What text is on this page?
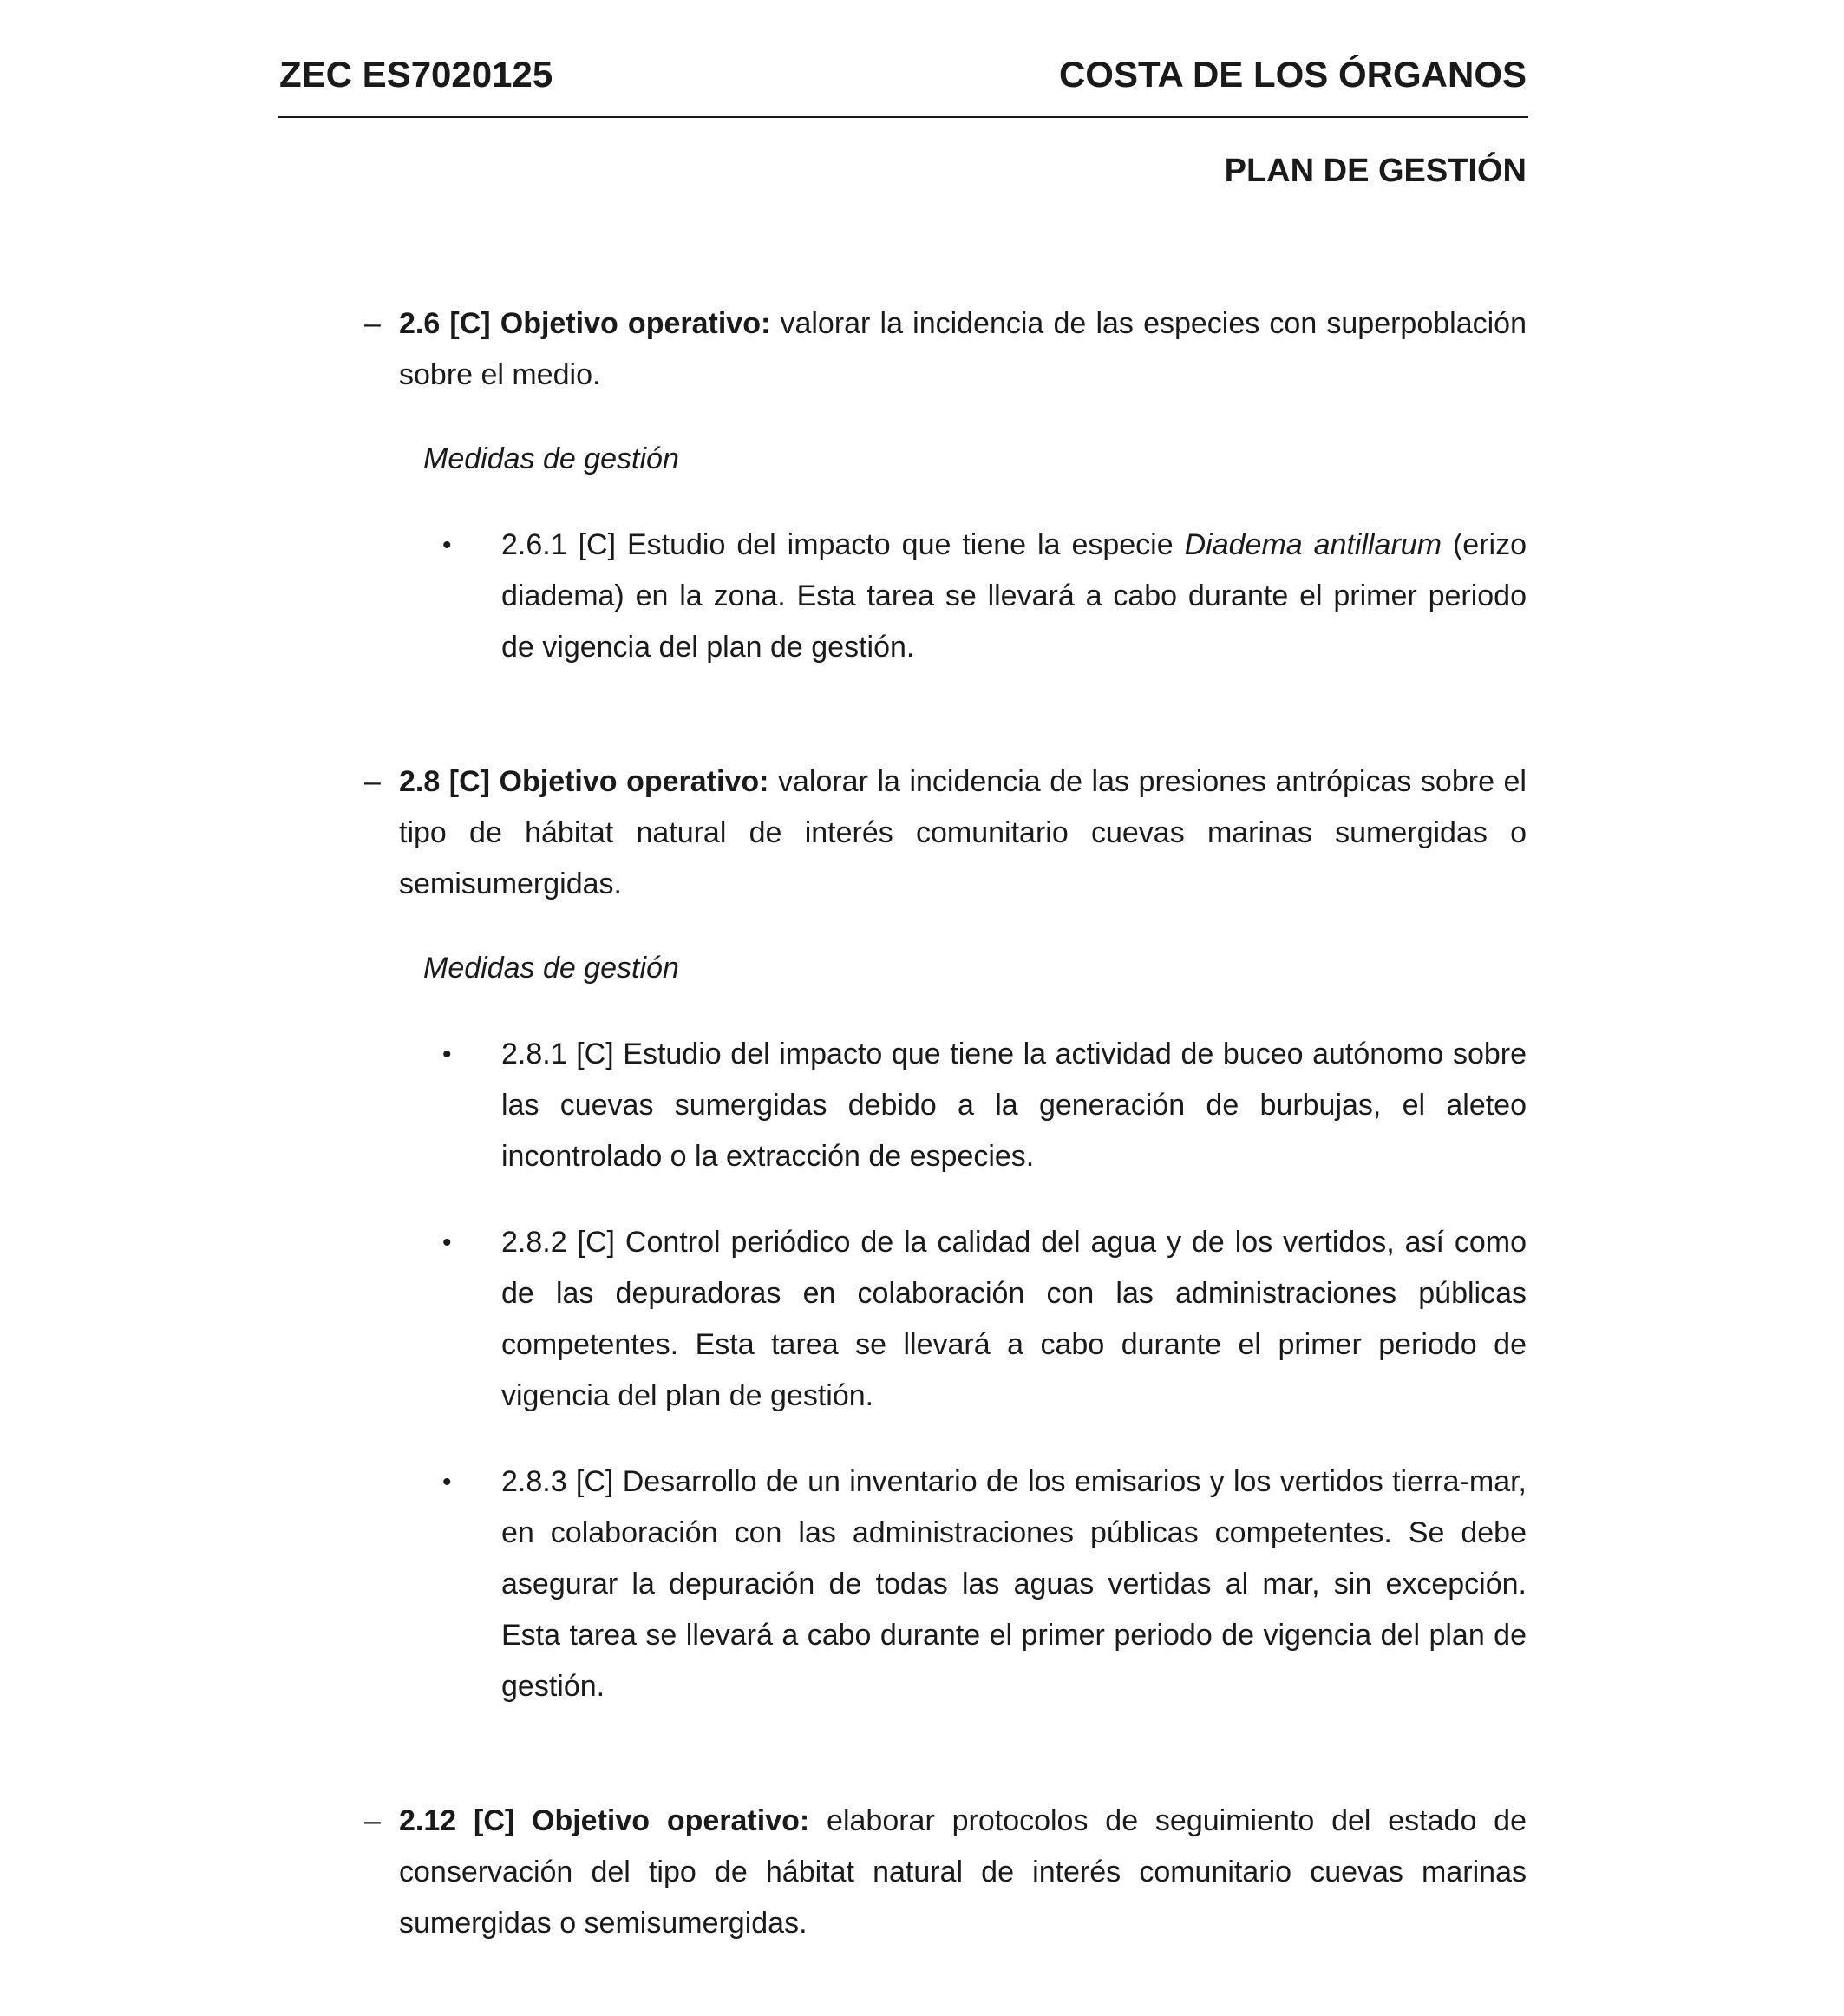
ZEC ES7020125	COSTA DE LOS ÓRGANOS
PLAN DE GESTIÓN
– 2.6 [C] Objetivo operativo: valorar la incidencia de las especies con superpoblación sobre el medio.
Medidas de gestión
•	2.6.1 [C] Estudio del impacto que tiene la especie Diadema antillarum (erizo diadema) en la zona. Esta tarea se llevará a cabo durante el primer periodo de vigencia del plan de gestión.
– 2.8 [C] Objetivo operativo: valorar la incidencia de las presiones antrópicas sobre el tipo de hábitat natural de interés comunitario cuevas marinas sumergidas o semisumergidas.
Medidas de gestión
•	2.8.1 [C] Estudio del impacto que tiene la actividad de buceo autónomo sobre las cuevas sumergidas debido a la generación de burbujas, el aleteo incontrolado o la extracción de especies.
•	2.8.2 [C] Control periódico de la calidad del agua y de los vertidos, así como de las depuradoras en colaboración con las administraciones públicas competentes. Esta tarea se llevará a cabo durante el primer periodo de vigencia del plan de gestión.
•	2.8.3 [C] Desarrollo de un inventario de los emisarios y los vertidos tierra-mar, en colaboración con las administraciones públicas competentes. Se debe asegurar la depuración de todas las aguas vertidas al mar, sin excepción. Esta tarea se llevará a cabo durante el primer periodo de vigencia del plan de gestión.
– 2.12 [C] Objetivo operativo: elaborar protocolos de seguimiento del estado de conservación del tipo de hábitat natural de interés comunitario cuevas marinas sumergidas o semisumergidas.
